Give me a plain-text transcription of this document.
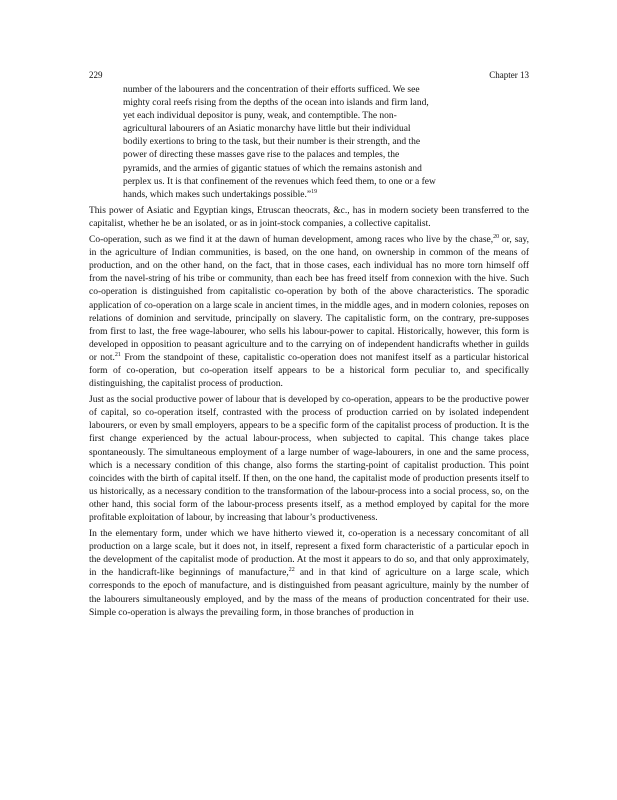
229	Chapter 13
number of the labourers and the concentration of their efforts sufficed. We see
mighty coral reefs rising from the depths of the ocean into islands and firm land,
yet each individual depositor is puny, weak, and contemptible. The non-
agricultural labourers of an Asiatic monarchy have little but their individual
bodily exertions to bring to the task, but their number is their strength, and the
power of directing these masses gave rise to the palaces and temples, the
pyramids, and the armies of gigantic statues of which the remains astonish and
perplex us. It is that confinement of the revenues which feed them, to one or a few
hands, which makes such undertakings possible.”$^{19}$

This power of Asiatic and Egyptian kings, Etruscan theocrats, &c., has in modern society been transferred to the capitalist, whether he be an isolated, or as in joint-stock companies, a collective capitalist.

Co-operation, such as we find it at the dawn of human development, among races who live by the chase,$^{20}$ or, say, in the agriculture of Indian communities, is based, on the one hand, on ownership in common of the means of production, and on the other hand, on the fact, that in those cases, each individual has no more torn himself off from the navel-string of his tribe or community, than each bee has freed itself from connexion with the hive. Such co-operation is distinguished from capitalistic co-operation by both of the above characteristics. The sporadic application of co-operation on a large scale in ancient times, in the middle ages, and in modern colonies, reposes on relations of dominion and servitude, principally on slavery. The capitalistic form, on the contrary, pre-supposes from first to last, the free wage-labourer, who sells his labour-power to capital. Historically, however, this form is developed in opposition to peasant agriculture and to the carrying on of independent handicrafts whether in guilds or not.$^{21}$ From the standpoint of these, capitalistic co-operation does not manifest itself as a particular historical form of co-operation, but co-operation itself appears to be a historical form peculiar to, and specifically distinguishing, the capitalist process of production.

Just as the social productive power of labour that is developed by co-operation, appears to be the productive power of capital, so co-operation itself, contrasted with the process of production carried on by isolated independent labourers, or even by small employers, appears to be a specific form of the capitalist process of production. It is the first change experienced by the actual labour-process, when subjected to capital. This change takes place spontaneously. The simultaneous employment of a large number of wage-labourers, in one and the same process, which is a necessary condition of this change, also forms the starting-point of capitalist production. This point coincides with the birth of capital itself. If then, on the one hand, the capitalist mode of production presents itself to us historically, as a necessary condition to the transformation of the labour-process into a social process, so, on the other hand, this social form of the labour-process presents itself, as a method employed by capital for the more profitable exploitation of labour, by increasing that labour’s productiveness.

In the elementary form, under which we have hitherto viewed it, co-operation is a necessary concomitant of all production on a large scale, but it does not, in itself, represent a fixed form characteristic of a particular epoch in the development of the capitalist mode of production. At the most it appears to do so, and that only approximately, in the handicraft-like beginnings of manufacture,$^{22}$ and in that kind of agriculture on a large scale, which corresponds to the epoch of manufacture, and is distinguished from peasant agriculture, mainly by the number of the labourers simultaneously employed, and by the mass of the means of production concentrated for their use. Simple co-operation is always the prevailing form, in those branches of production in
